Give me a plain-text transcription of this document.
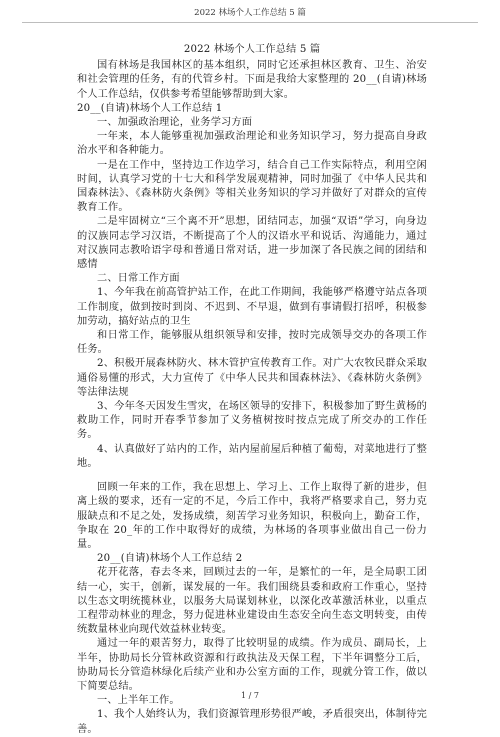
2022 林场个人工作总结 5 篇
2022 林场个人工作总结 5 篇

国有林场是我国林区的基本组织，同时它还承担林区教育、卫生、治安和社会管理的任务，有的代管乡村。下面是我给大家整理的 20__(自请)林场个人工作总结，仅供参考希望能够帮助到大家。

20__(自请)林场个人工作总结 1

一、加强政治理论，业务学习方面

一年来，本人能够重视加强政治理论和业务知识学习，努力提高自身政治水平和各种能力。

一是在工作中，坚持边工作边学习，结合自己工作实际特点，利用空闲时间，认真学习党的十七大和科学发展观精神，同时加强了《中华人民共和国森林法》、《森林防火条例》等相关业务知识的学习并做好了对群众的宣传教育工作。

二是牢固树立“三个离不开”思想，团结同志，加强“双语”学习，向身边的汉族同志学习汉语，不断提高了个人的汉语水平和说话、沟通能力，通过对汉族同志教哈语字母和普通日常对话，进一步加深了各民族之间的团结和感情

二、日常工作方面

1、今年我在前高管护站工作，在此工作期间，我能够严格遵守站点各项工作制度，做到按时到岗、不迟到、不早退，做到有事请假打招呼，积极参加劳动，搞好站点的卫生

和日常工作，能够服从组织领导和安排，按时完成领导交办的各项工作任务。

2、积极开展森林防火、林木管护宣传教育工作。对广大农牧民群众采取通俗易懂的形式，大力宣传了《中华人民共和国森林法》、《森林防火条例》等法律法规

3、今年冬天因发生雪灾，在场区领导的安排下，积极参加了野生黄杨的救助工作，同时开春季节参加了义务植树按时按点完成了所交办的工作任务。

4、认真做好了站内的工作，站内屋前屋后种植了葡萄，对菜地进行了整地。

回顾一年来的工作，我在思想上、学习上、工作上取得了新的进步，但离上级的要求，还有一定的不足，今后工作中，我将严格要求自己，努力克服缺点和不足之处，发扬成绩，刻苦学习业务知识，积极向上，勤奋工作，争取在 20_年的工作中取得好的成绩，为林场的各项事业做出自己一份力量。

20__(自请)林场个人工作总结 2

花开花落，春去冬来，回顾过去的一年，是繁忙的一年，是全局职工团结一心，实干，创新，谋发展的一年。我们围绕县委和政府工作重心，坚持以生态文明统揽林业，以服务大局谋划林业，以深化改革激活林业，以重点工程带动林业的理念，努力促进林业建设由生态安全向生态文明转变，由传统数量林业向现代效益林业转变。

通过一年的艰苦努力，取得了比较明显的成绩。作为成员、副局长，上半年，协助局长分管林政资源和行政执法及天保工程，下半年调整分工后，协助局长分管造林绿化后续产业和办公室方面的工作，现就分管工作，做以下简要总结。

一、上半年工作。

1、我个人始终认为，我们资源管理形势很严峻，矛盾很突出，体制待完善。

1 / 7
